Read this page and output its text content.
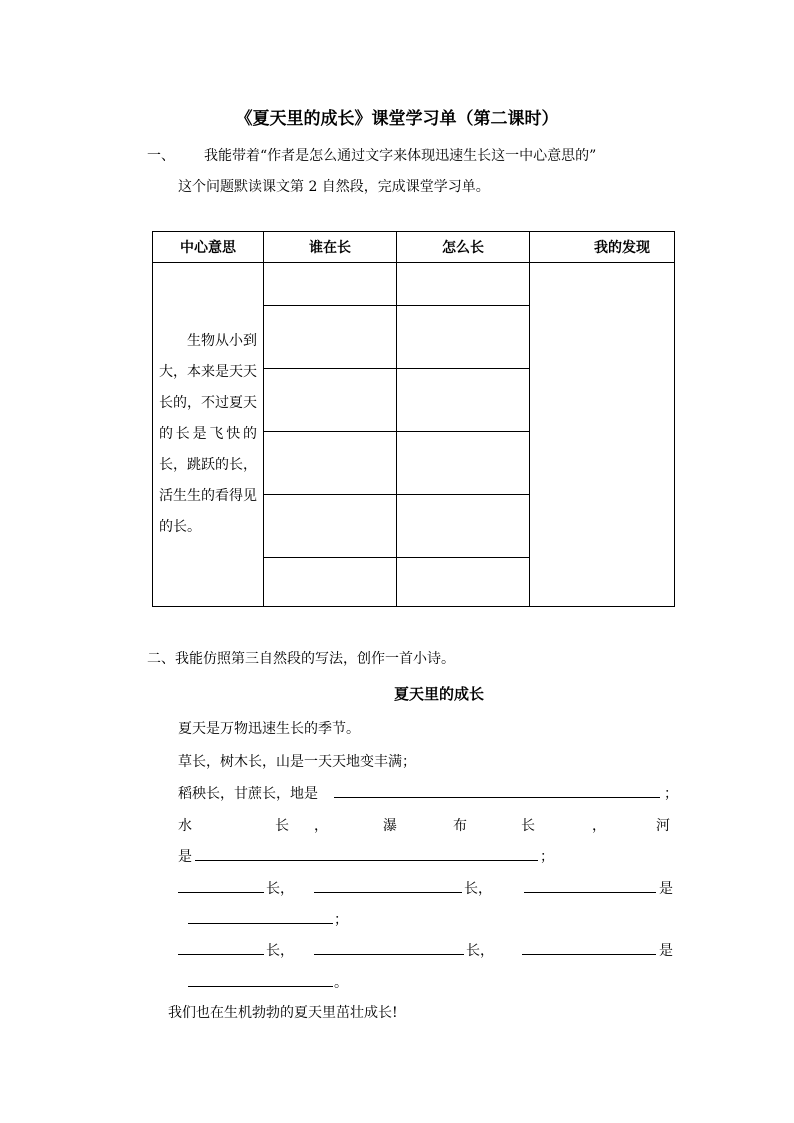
《夏天里的成长》课堂学习单（第二课时）
一、 我能带着“作者是怎么通过文字来体现迅速生长这一中心意思的”
这个问题默读课文第 2 自然段，完成课堂学习单。
中心意思	谁在长	怎么长	我的发现

生物从小到大，本来是天天长的，不过夏天的长是飞快的长，跳跃的长，活生生的看得见的长。			

二、我能仿照第三自然段的写法，创作一首小诗。
夏天里的成长
夏天是万物迅速生长的季节。
草长，树木长，山是一天天地变丰满；
稻秧长，甘蔗长，地是	；
水	长 ，	瀑	布	长	，	河
是	；
长，	长，	是
；
长，	长，	是
。
我们也在生机勃勃的夏天里茁壮成长!
